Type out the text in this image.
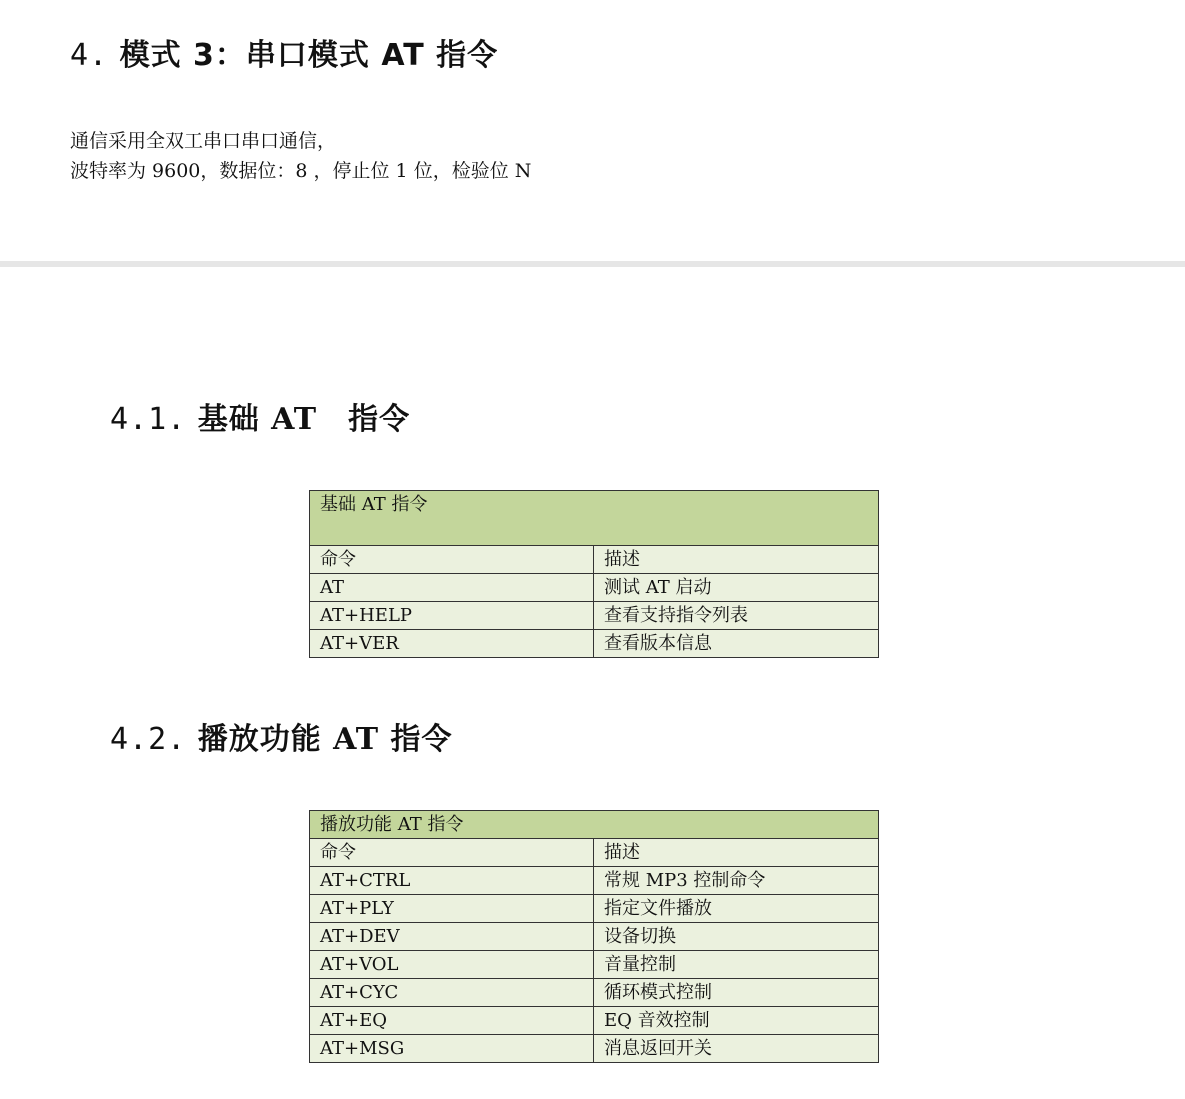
4. 模式 3：串口模式 AT 指令
通信采用全双工串口串口通信，
波特率为 9600，数据位：8 ，停止位 1 位，检验位 N
4.1. 基础 AT　指令
基础 AT 指令	
命令	描述
AT	测试 AT 启动
AT+HELP	查看支持指令列表
AT+VER	查看版本信息
4.2. 播放功能 AT 指令
播放功能 AT 指令	
命令	描述
AT+CTRL	常规 MP3 控制命令
AT+PLY	指定文件播放
AT+DEV	设备切换
AT+VOL	音量控制
AT+CYC	循环模式控制
AT+EQ	EQ 音效控制
AT+MSG	消息返回开关
